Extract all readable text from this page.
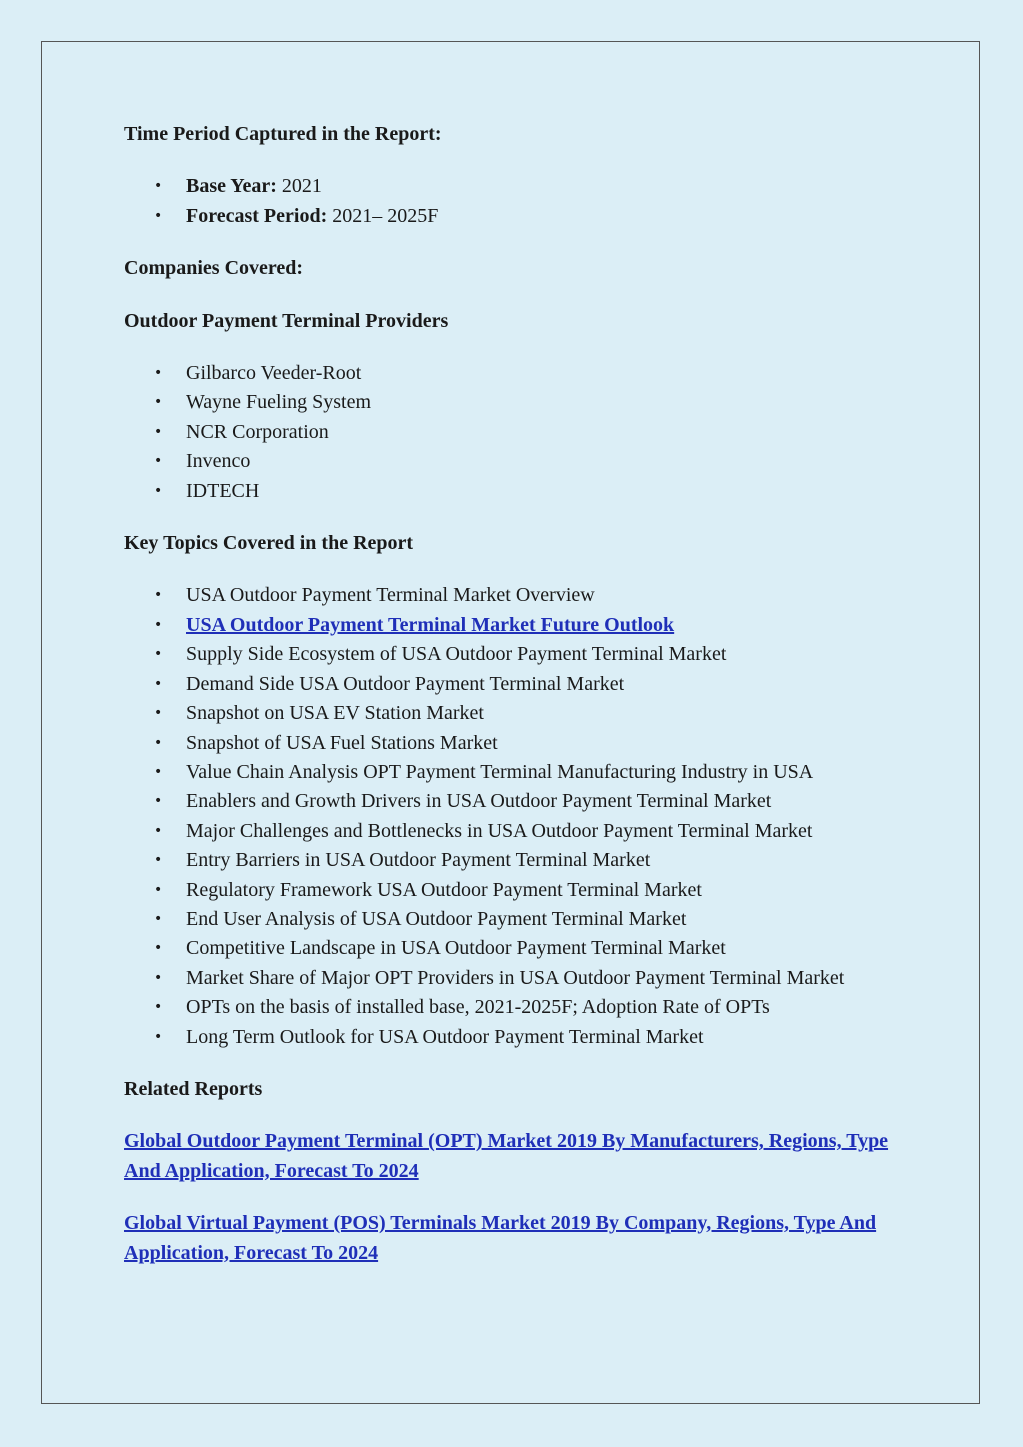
Time Period Captured in the Report:

• Base Year: 2021
• Forecast Period: 2021– 2025F

Companies Covered:

Outdoor Payment Terminal Providers

• Gilbarco Veeder-Root
• Wayne Fueling System
• NCR Corporation
• Invenco
• IDTECH

Key Topics Covered in the Report

• USA Outdoor Payment Terminal Market Overview
• USA Outdoor Payment Terminal Market Future Outlook
• Supply Side Ecosystem of USA Outdoor Payment Terminal Market
• Demand Side USA Outdoor Payment Terminal Market
• Snapshot on USA EV Station Market
• Snapshot of USA Fuel Stations Market
• Value Chain Analysis OPT Payment Terminal Manufacturing Industry in USA
• Enablers and Growth Drivers in USA Outdoor Payment Terminal Market
• Major Challenges and Bottlenecks in USA Outdoor Payment Terminal Market
• Entry Barriers in USA Outdoor Payment Terminal Market
• Regulatory Framework USA Outdoor Payment Terminal Market
• End User Analysis of USA Outdoor Payment Terminal Market
• Competitive Landscape in USA Outdoor Payment Terminal Market
• Market Share of Major OPT Providers in USA Outdoor Payment Terminal Market
• OPTs on the basis of installed base, 2021-2025F; Adoption Rate of OPTs
• Long Term Outlook for USA Outdoor Payment Terminal Market

Related Reports

Global Outdoor Payment Terminal (OPT) Market 2019 By Manufacturers, Regions, Type And Application, Forecast To 2024
Global Virtual Payment (POS) Terminals Market 2019 By Company, Regions, Type And Application, Forecast To 2024
